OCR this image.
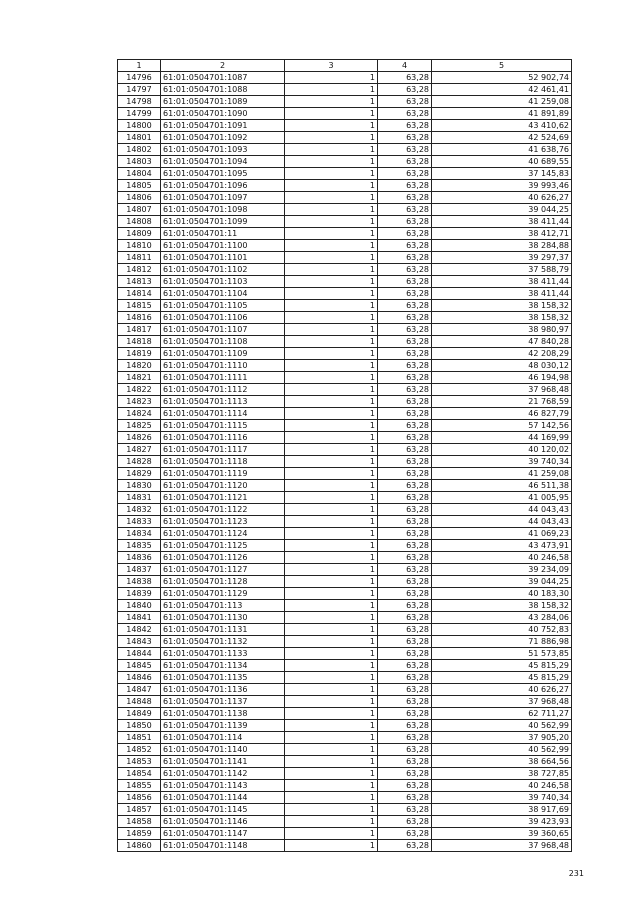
1	2	3	4	5
14796	61:01:0504701:1087	1	63,28	52 902,74
14797	61:01:0504701:1088	1	63,28	42 461,41
14798	61:01:0504701:1089	1	63,28	41 259,08
14799	61:01:0504701:1090	1	63,28	41 891,89
14800	61:01:0504701:1091	1	63,28	43 410,62
14801	61:01:0504701:1092	1	63,28	42 524,69
14802	61:01:0504701:1093	1	63,28	41 638,76
14803	61:01:0504701:1094	1	63,28	40 689,55
14804	61:01:0504701:1095	1	63,28	37 145,83
14805	61:01:0504701:1096	1	63,28	39 993,46
14806	61:01:0504701:1097	1	63,28	40 626,27
14807	61:01:0504701:1098	1	63,28	39 044,25
14808	61:01:0504701:1099	1	63,28	38 411,44
14809	61:01:0504701:11	1	63,28	38 412,71
14810	61:01:0504701:1100	1	63,28	38 284,88
14811	61:01:0504701:1101	1	63,28	39 297,37
14812	61:01:0504701:1102	1	63,28	37 588,79
14813	61:01:0504701:1103	1	63,28	38 411,44
14814	61:01:0504701:1104	1	63,28	38 411,44
14815	61:01:0504701:1105	1	63,28	38 158,32
14816	61:01:0504701:1106	1	63,28	38 158,32
14817	61:01:0504701:1107	1	63,28	38 980,97
14818	61:01:0504701:1108	1	63,28	47 840,28
14819	61:01:0504701:1109	1	63,28	42 208,29
14820	61:01:0504701:1110	1	63,28	48 030,12
14821	61:01:0504701:1111	1	63,28	46 194,98
14822	61:01:0504701:1112	1	63,28	37 968,48
14823	61:01:0504701:1113	1	63,28	21 768,59
14824	61:01:0504701:1114	1	63,28	46 827,79
14825	61:01:0504701:1115	1	63,28	57 142,56
14826	61:01:0504701:1116	1	63,28	44 169,99
14827	61:01:0504701:1117	1	63,28	40 120,02
14828	61:01:0504701:1118	1	63,28	39 740,34
14829	61:01:0504701:1119	1	63,28	41 259,08
14830	61:01:0504701:1120	1	63,28	46 511,38
14831	61:01:0504701:1121	1	63,28	41 005,95
14832	61:01:0504701:1122	1	63,28	44 043,43
14833	61:01:0504701:1123	1	63,28	44 043,43
14834	61:01:0504701:1124	1	63,28	41 069,23
14835	61:01:0504701:1125	1	63,28	43 473,91
14836	61:01:0504701:1126	1	63,28	40 246,58
14837	61:01:0504701:1127	1	63,28	39 234,09
14838	61:01:0504701:1128	1	63,28	39 044,25
14839	61:01:0504701:1129	1	63,28	40 183,30
14840	61:01:0504701:113	1	63,28	38 158,32
14841	61:01:0504701:1130	1	63,28	43 284,06
14842	61:01:0504701:1131	1	63,28	40 752,83
14843	61:01:0504701:1132	1	63,28	71 886,98
14844	61:01:0504701:1133	1	63,28	51 573,85
14845	61:01:0504701:1134	1	63,28	45 815,29
14846	61:01:0504701:1135	1	63,28	45 815,29
14847	61:01:0504701:1136	1	63,28	40 626,27
14848	61:01:0504701:1137	1	63,28	37 968,48
14849	61:01:0504701:1138	1	63,28	62 711,27
14850	61:01:0504701:1139	1	63,28	40 562,99
14851	61:01:0504701:114	1	63,28	37 905,20
14852	61:01:0504701:1140	1	63,28	40 562,99
14853	61:01:0504701:1141	1	63,28	38 664,56
14854	61:01:0504701:1142	1	63,28	38 727,85
14855	61:01:0504701:1143	1	63,28	40 246,58
14856	61:01:0504701:1144	1	63,28	39 740,34
14857	61:01:0504701:1145	1	63,28	38 917,69
14858	61:01:0504701:1146	1	63,28	39 423,93
14859	61:01:0504701:1147	1	63,28	39 360,65
14860	61:01:0504701:1148	1	63,28	37 968,48
231
